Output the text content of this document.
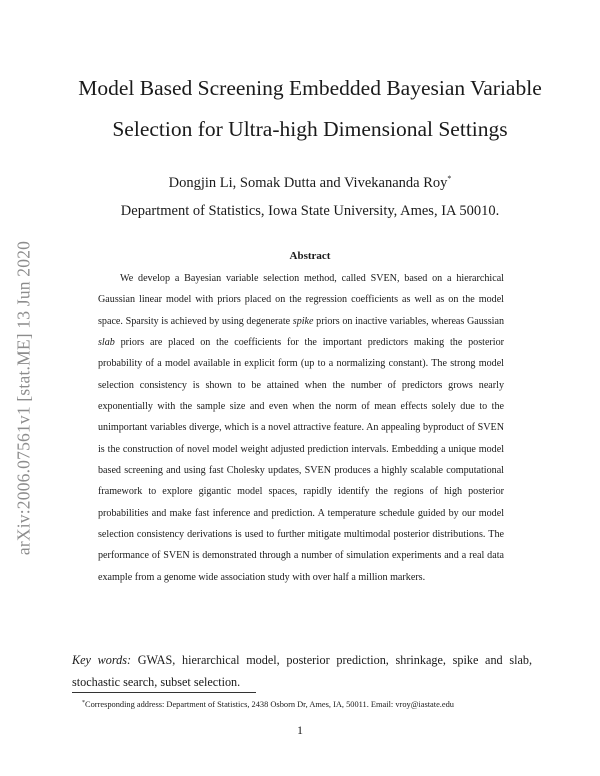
arXiv:2006.07561v1 [stat.ME] 13 Jun 2020
Model Based Screening Embedded Bayesian Variable Selection for Ultra-high Dimensional Settings
Dongjin Li, Somak Dutta and Vivekananda Roy*
Department of Statistics, Iowa State University, Ames, IA 50010.
Abstract

We develop a Bayesian variable selection method, called SVEN, based on a hierarchical Gaussian linear model with priors placed on the regression coefficients as well as on the model space. Sparsity is achieved by using degenerate spike priors on inactive variables, whereas Gaussian slab priors are placed on the coefficients for the important predictors making the posterior probability of a model available in explicit form (up to a normalizing constant). The strong model selection consistency is shown to be attained when the number of predictors grows nearly exponentially with the sample size and even when the norm of mean effects solely due to the unimportant variables diverge, which is a novel attractive feature. An appealing byproduct of SVEN is the construction of novel model weight adjusted prediction intervals. Embedding a unique model based screening and using fast Cholesky updates, SVEN produces a highly scalable computational framework to explore gigantic model spaces, rapidly identify the regions of high posterior probabilities and make fast inference and prediction. A temperature schedule guided by our model selection consistency derivations is used to further mitigate multimodal posterior distributions. The performance of SVEN is demonstrated through a number of simulation experiments and a real data example from a genome wide association study with over half a million markers.

Key words: GWAS, hierarchical model, posterior prediction, shrinkage, spike and slab, stochastic search, subset selection.

*Corresponding address: Department of Statistics, 2438 Osborn Dr, Ames, IA, 50011. Email: vroy@iastate.edu
1
